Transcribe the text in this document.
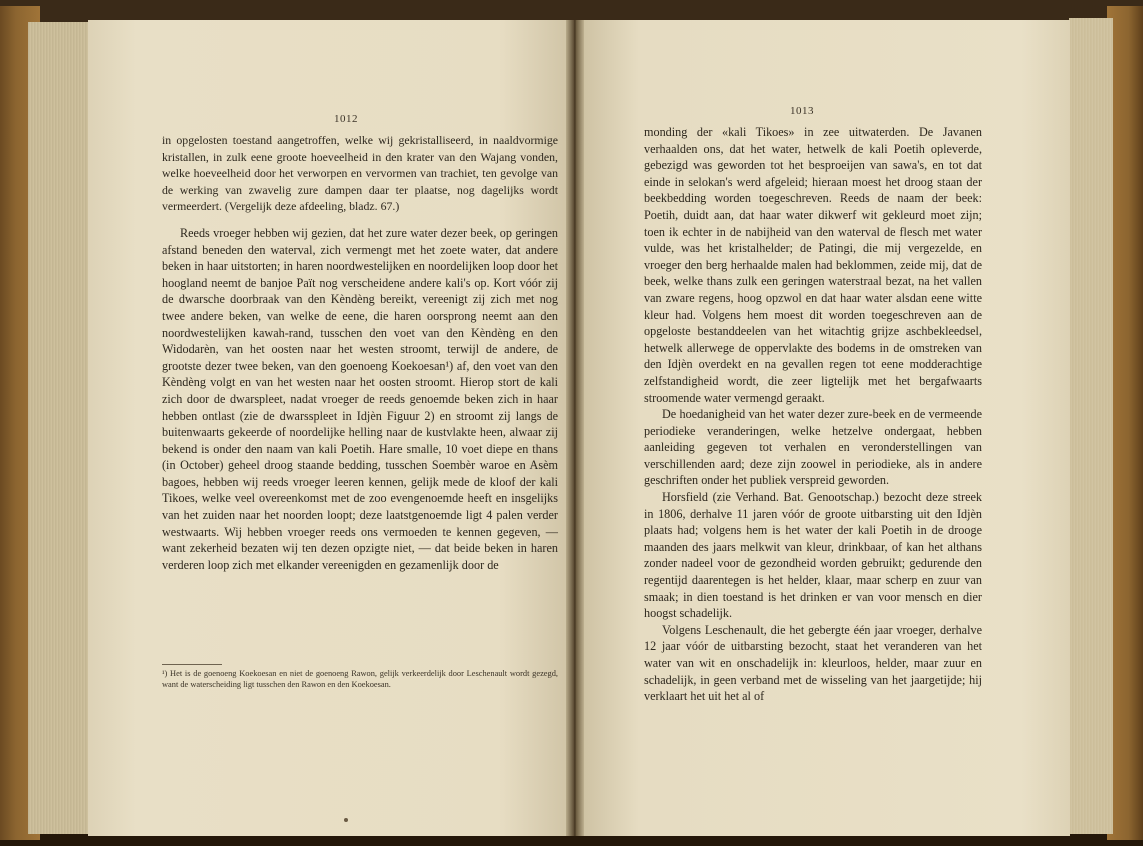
1012

in opgelosten toestand aangetroffen, welke wij gekristalliseerd, in naaldvormige kristallen, in zulk eene groote hoeveelheid in den krater van den Wajang vonden, welke hoeveelheid door het verworpen en vervormen van trachiet, ten gevolge van de werking van zwavelig zure dampen daar ter plaatse, nog dagelijks wordt vermeerdert. (Vergelijk deze afdeeling, bladz. 67.)

Reeds vroeger hebben wij gezien, dat het zure water dezer beek, op geringen afstand beneden den waterval, zich vermengt met het zoete water, dat andere beken in haar uitstorten; in haren noordwestelijken en noordelijken loop door het hoogland neemt de banjoe Paït nog verscheidene andere kali's op. Kort vóór zij de dwarsche doorbraak van den Kèndèng bereikt, vereenigt zij zich met nog twee andere beken, van welke de eene, die haren oorsprong neemt aan den noordwestelijken kawah-rand, tusschen den voet van den Kèndèng en den Widodarèn, van het oosten naar het westen stroomt, terwijl de andere, de grootste dezer twee beken, van den goenoeng Koekoesan¹) af, den voet van den Kèndèng volgt en van het westen naar het oosten stroomt. Hierop stort de kali zich door de dwarspleet, nadat vroeger de reeds genoemde beken zich in haar hebben ontlast (zie de dwarsspleet in Idjèn Figuur 2) en stroomt zij langs de buitenwaarts gekeerde of noordelijke helling naar de kustvlakte heen, alwaar zij bekend is onder den naam van kali Poetih. Hare smalle, 10 voet diepe en thans (in October) geheel droog staande bedding, tusschen Soembèr waroe en Asèm bagoes, hebben wij reeds vroeger leeren kennen, gelijk mede de kloof der kali Tikoes, welke veel overeenkomst met de zoo evengenoemde heeft en insgelijks van het zuiden naar het noorden loopt; deze laatstgenoemde ligt 4 palen verder westwaarts. Wij hebben vroeger reeds ons vermoeden te kennen gegeven, — want zekerheid bezaten wij ten dezen opzigte niet, — dat beide beken in haren verderen loop zich met elkander vereenigden en gezamenlijk door de

¹) Het is de goenoeng Koekoesan en niet de goenoeng Rawon, gelijk verkeerdelijk door Leschenault wordt gezegd, want de waterscheiding ligt tusschen den Rawon en den Koekoesan.
1013

monding der «kali Tikoes» in zee uitwaterden. De Javanen verhaalden ons, dat het water, hetwelk de kali Poetih opleverde, gebezigd was geworden tot het besproeijen van sawa's, en tot dat einde in selokan's werd afgeleid; hieraan moest het droog staan der beekbedding worden toegeschreven. Reeds de naam der beek: Poetih, duidt aan, dat haar water dikwerf wit gekleurd moet zijn; toen ik echter in de nabijheid van den waterval de flesch met water vulde, was het kristalhelder; de Patingi, die mij vergezelde, en vroeger den berg herhaalde malen had beklommen, zeide mij, dat de beek, welke thans zulk een geringen waterstraal bezat, na het vallen van zware regens, hoog opzwol en dat haar water alsdan eene witte kleur had. Volgens hem moest dit worden toegeschreven aan de opgeloste bestanddeelen van het witachtig grijze aschbekleedsel, hetwelk allerwege de oppervlakte des bodems in de omstreken van den Idjèn overdekt en na gevallen regen tot eene modderachtige zelfstandigheid wordt, die zeer ligtelijk met het bergafwaarts stroomende water vermengd geraakt.

De hoedanigheid van het water dezer zure-beek en de vermeende periodieke veranderingen, welke hetzelve ondergaat, hebben aanleiding gegeven tot verhalen en veronderstellingen van verschillenden aard; deze zijn zoowel in periodieke, als in andere geschriften onder het publiek verspreid geworden.

Horsfield (zie Verhand. Bat. Genootschap.) bezocht deze streek in 1806, derhalve 11 jaren vóór de groote uitbarsting uit den Idjèn plaats had; volgens hem is het water der kali Poetih in de drooge maanden des jaars melkwit van kleur, drinkbaar, of kan het althans zonder nadeel voor de gezondheid worden gebruikt; gedurende den regentijd daarentegen is het helder, klaar, maar scherp en zuur van smaak; in dien toestand is het drinken er van voor mensch en dier hoogst schadelijk.

Volgens Leschenault, die het gebergte één jaar vroeger, derhalve 12 jaar vóór de uitbarsting bezocht, staat het veranderen van het water van wit en onschadelijk in: kleurloos, helder, maar zuur en schadelijk, in geen verband met de wisseling van het jaargetijde; hij verklaart het uit het al of
